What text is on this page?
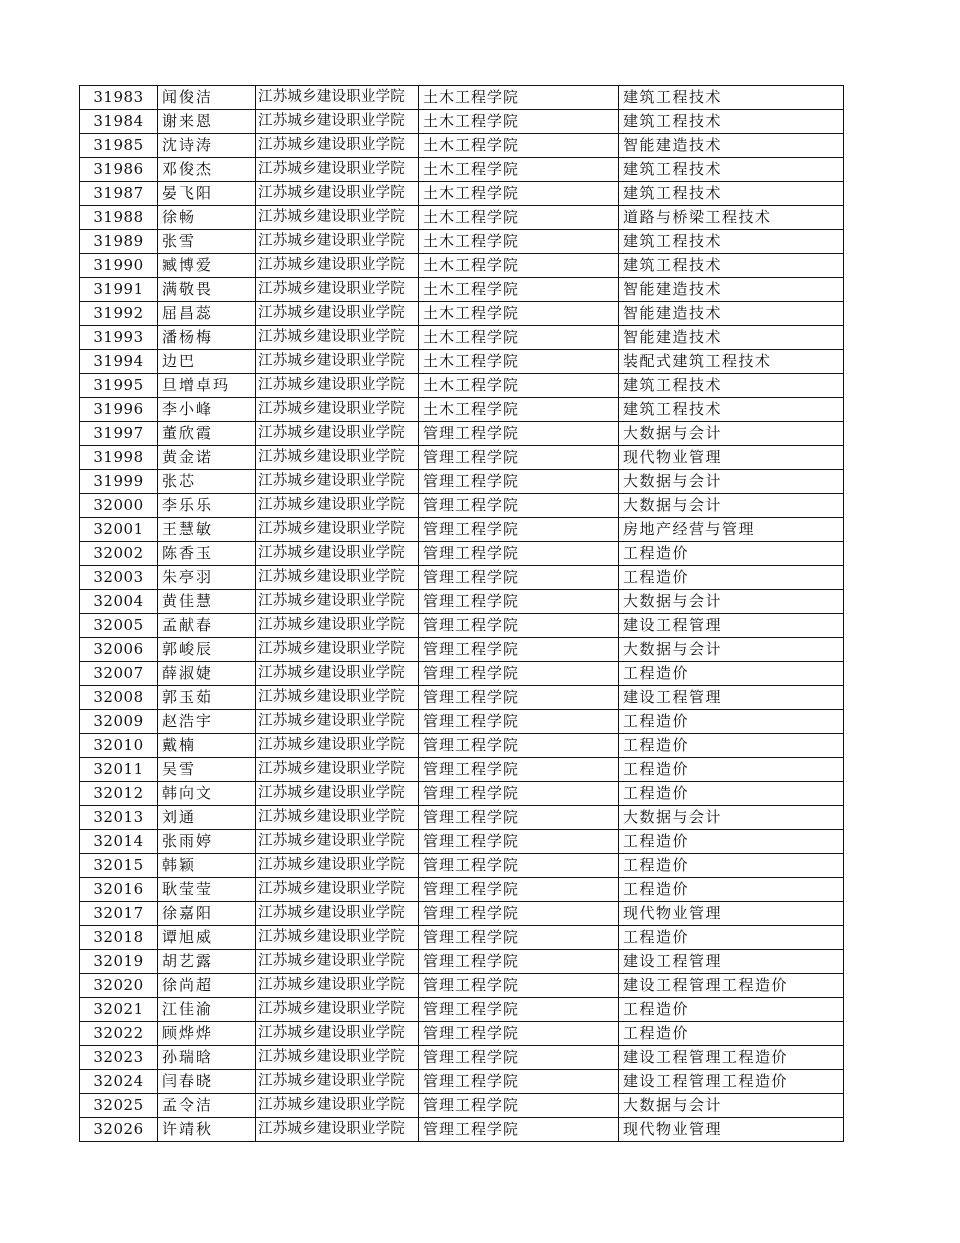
31983	闻俊洁	江苏城乡建设职业学院	土木工程学院	建筑工程技术
31984	谢来恩	江苏城乡建设职业学院	土木工程学院	建筑工程技术
31985	沈诗涛	江苏城乡建设职业学院	土木工程学院	智能建造技术
31986	邓俊杰	江苏城乡建设职业学院	土木工程学院	建筑工程技术
31987	晏飞阳	江苏城乡建设职业学院	土木工程学院	建筑工程技术
31988	徐畅	江苏城乡建设职业学院	土木工程学院	道路与桥梁工程技术
31989	张雪	江苏城乡建设职业学院	土木工程学院	建筑工程技术
31990	臧博爱	江苏城乡建设职业学院	土木工程学院	建筑工程技术
31991	满敬畏	江苏城乡建设职业学院	土木工程学院	智能建造技术
31992	屈昌蕊	江苏城乡建设职业学院	土木工程学院	智能建造技术
31993	潘杨梅	江苏城乡建设职业学院	土木工程学院	智能建造技术
31994	边巴	江苏城乡建设职业学院	土木工程学院	装配式建筑工程技术
31995	旦增卓玛	江苏城乡建设职业学院	土木工程学院	建筑工程技术
31996	李小峰	江苏城乡建设职业学院	土木工程学院	建筑工程技术
31997	董欣霞	江苏城乡建设职业学院	管理工程学院	大数据与会计
31998	黄金诺	江苏城乡建设职业学院	管理工程学院	现代物业管理
31999	张芯	江苏城乡建设职业学院	管理工程学院	大数据与会计
32000	李乐乐	江苏城乡建设职业学院	管理工程学院	大数据与会计
32001	王慧敏	江苏城乡建设职业学院	管理工程学院	房地产经营与管理
32002	陈香玉	江苏城乡建设职业学院	管理工程学院	工程造价
32003	朱亭羽	江苏城乡建设职业学院	管理工程学院	工程造价
32004	黄佳慧	江苏城乡建设职业学院	管理工程学院	大数据与会计
32005	孟献春	江苏城乡建设职业学院	管理工程学院	建设工程管理
32006	郭峻辰	江苏城乡建设职业学院	管理工程学院	大数据与会计
32007	薛淑婕	江苏城乡建设职业学院	管理工程学院	工程造价
32008	郭玉茹	江苏城乡建设职业学院	管理工程学院	建设工程管理
32009	赵浩宇	江苏城乡建设职业学院	管理工程学院	工程造价
32010	戴楠	江苏城乡建设职业学院	管理工程学院	工程造价
32011	吴雪	江苏城乡建设职业学院	管理工程学院	工程造价
32012	韩向文	江苏城乡建设职业学院	管理工程学院	工程造价
32013	刘通	江苏城乡建设职业学院	管理工程学院	大数据与会计
32014	张雨婷	江苏城乡建设职业学院	管理工程学院	工程造价
32015	韩颖	江苏城乡建设职业学院	管理工程学院	工程造价
32016	耿莹莹	江苏城乡建设职业学院	管理工程学院	工程造价
32017	徐嘉阳	江苏城乡建设职业学院	管理工程学院	现代物业管理
32018	谭旭威	江苏城乡建设职业学院	管理工程学院	工程造价
32019	胡艺露	江苏城乡建设职业学院	管理工程学院	建设工程管理
32020	徐尚超	江苏城乡建设职业学院	管理工程学院	建设工程管理工程造价
32021	江佳渝	江苏城乡建设职业学院	管理工程学院	工程造价
32022	顾烨烨	江苏城乡建设职业学院	管理工程学院	工程造价
32023	孙瑞晗	江苏城乡建设职业学院	管理工程学院	建设工程管理工程造价
32024	闫春晓	江苏城乡建设职业学院	管理工程学院	建设工程管理工程造价
32025	孟令洁	江苏城乡建设职业学院	管理工程学院	大数据与会计
32026	许靖秋	江苏城乡建设职业学院	管理工程学院	现代物业管理
